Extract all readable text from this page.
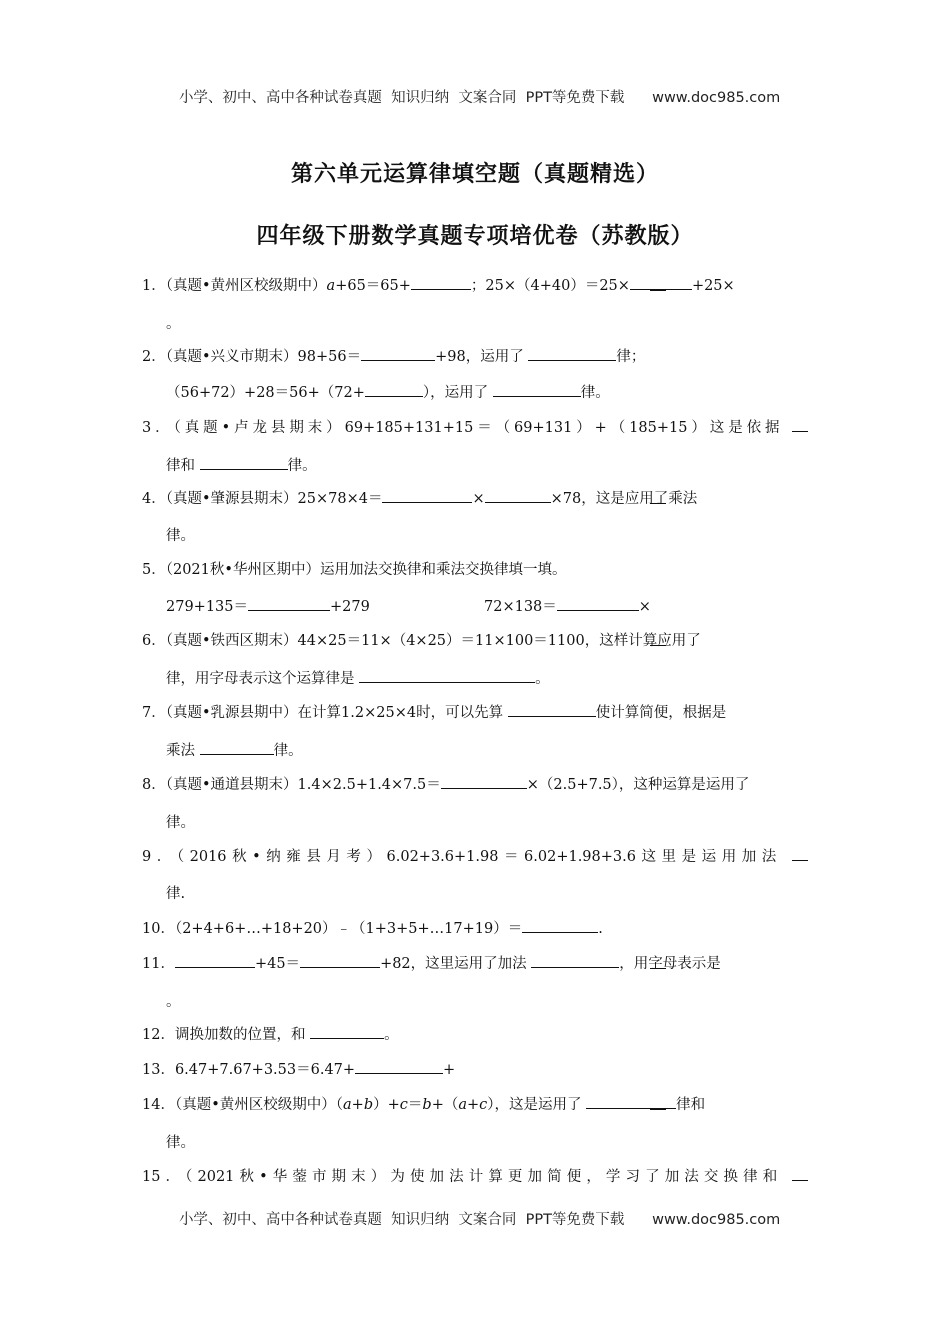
小学、初中、高中各种试卷真题  知识归纳  文案合同  PPT等免费下载 www.doc985.com

第六单元运算律填空题（真题精选）
四年级下册数学真题专项培优卷（苏教版）
1．（真题•黄州区校级期中）a+65＝65+	；25×（4+40）＝25×	+25×
。
2．（真题•兴义市期末）98+56＝	+98，运用了	律；
（56+72）+28＝56+（72+	），运用了	律。
3．（真题•卢龙县期末）69+185+131+15＝（69+131）+（185+15）这是依据
律和	律。
4．（真题•肇源县期末）25×78×4＝	×	×78，这是应用了乘法
律。
5．（2021秋•华州区期中）运用加法交换律和乘法交换律填一填。
279+135＝	+279	72×138＝	×
6．（真题•铁西区期末）44×25＝11×（4×25）＝11×100＝1100，这样计算应用了
律，用字母表示这个运算律是	。
7．（真题•乳源县期中）在计算1.2×25×4时，可以先算	使计算简便，根据是
乘法	律。
8．（真题•通道县期末）1.4×2.5+1.4×7.5＝	×（2.5+7.5），这种运算是运用了
律。
9．（2016秋•纳雍县月考）6.02+3.6+1.98＝6.02+1.98+3.6这里是运用加法
律.
10．（2+4+6+…+18+20）﹣（1+3+5+…17+19）＝	.
11．	+45＝	+82，这里运用了加法	，用字母表示是
。
12．调换加数的位置，和	。
13．6.47+7.67+3.53＝6.47+	+
14．（真题•黄州区校级期中）（a+b）+c＝b+（a+c），这是运用了	律和
律。
15．（2021秋•华蓥市期末）为使加法计算更加简便，学习了加法交换律和

小学、初中、高中各种试卷真题  知识归纳  文案合同  PPT等免费下载 www.doc985.com
